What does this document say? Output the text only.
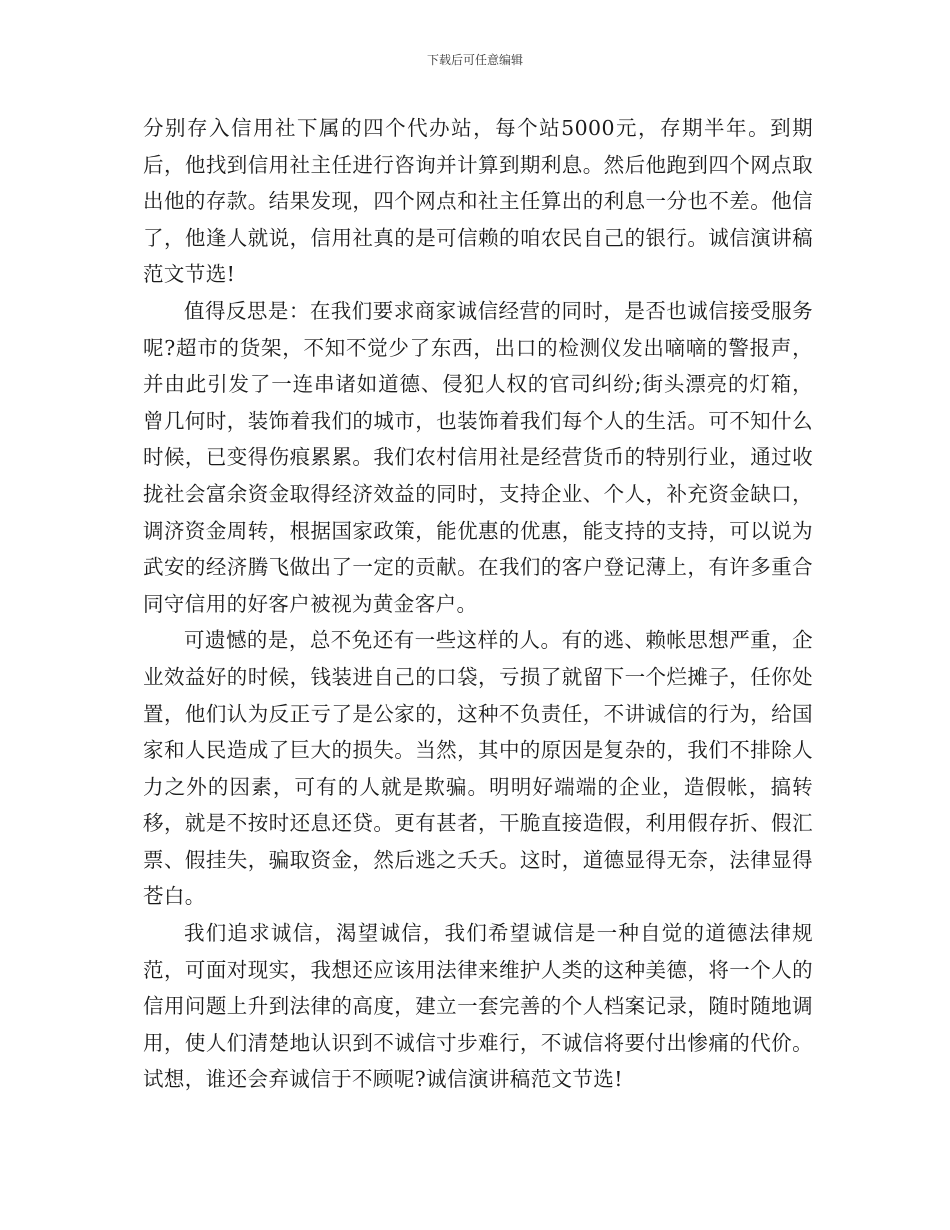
下载后可任意编辑

分别存入信用社下属的四个代办站，每个站5000元，存期半年。到期后，他找到信用社主任进行咨询并计算到期利息。然后他跑到四个网点取出他的存款。结果发现，四个网点和社主任算出的利息一分也不差。他信了，他逢人就说，信用社真的是可信赖的咱农民自己的银行。诚信演讲稿范文节选!

值得反思是：在我们要求商家诚信经营的同时，是否也诚信接受服务呢?超市的货架，不知不觉少了东西，出口的检测仪发出嘀嘀的警报声，并由此引发了一连串诸如道德、侵犯人权的官司纠纷;街头漂亮的灯箱，曾几何时，装饰着我们的城市，也装饰着我们每个人的生活。可不知什么时候，已变得伤痕累累。我们农村信用社是经营货币的特别行业，通过收拢社会富余资金取得经济效益的同时，支持企业、个人，补充资金缺口，调济资金周转，根据国家政策，能优惠的优惠，能支持的支持，可以说为武安的经济腾飞做出了一定的贡献。在我们的客户登记薄上，有许多重合同守信用的好客户被视为黄金客户。

可遗憾的是，总不免还有一些这样的人。有的逃、赖帐思想严重，企业效益好的时候，钱装进自己的口袋，亏损了就留下一个烂摊子，任你处置，他们认为反正亏了是公家的，这种不负责任，不讲诚信的行为，给国家和人民造成了巨大的损失。当然，其中的原因是复杂的，我们不排除人力之外的因素，可有的人就是欺骗。明明好端端的企业，造假帐，搞转移，就是不按时还息还贷。更有甚者，干脆直接造假，利用假存折、假汇票、假挂失，骗取资金，然后逃之夭夭。这时，道德显得无奈，法律显得苍白。

我们追求诚信，渴望诚信，我们希望诚信是一种自觉的道德法律规范，可面对现实，我想还应该用法律来维护人类的这种美德，将一个人的信用问题上升到法律的高度，建立一套完善的个人档案记录，随时随地调用，使人们清楚地认识到不诚信寸步难行，不诚信将要付出惨痛的代价。试想，谁还会弃诚信于不顾呢?诚信演讲稿范文节选!
